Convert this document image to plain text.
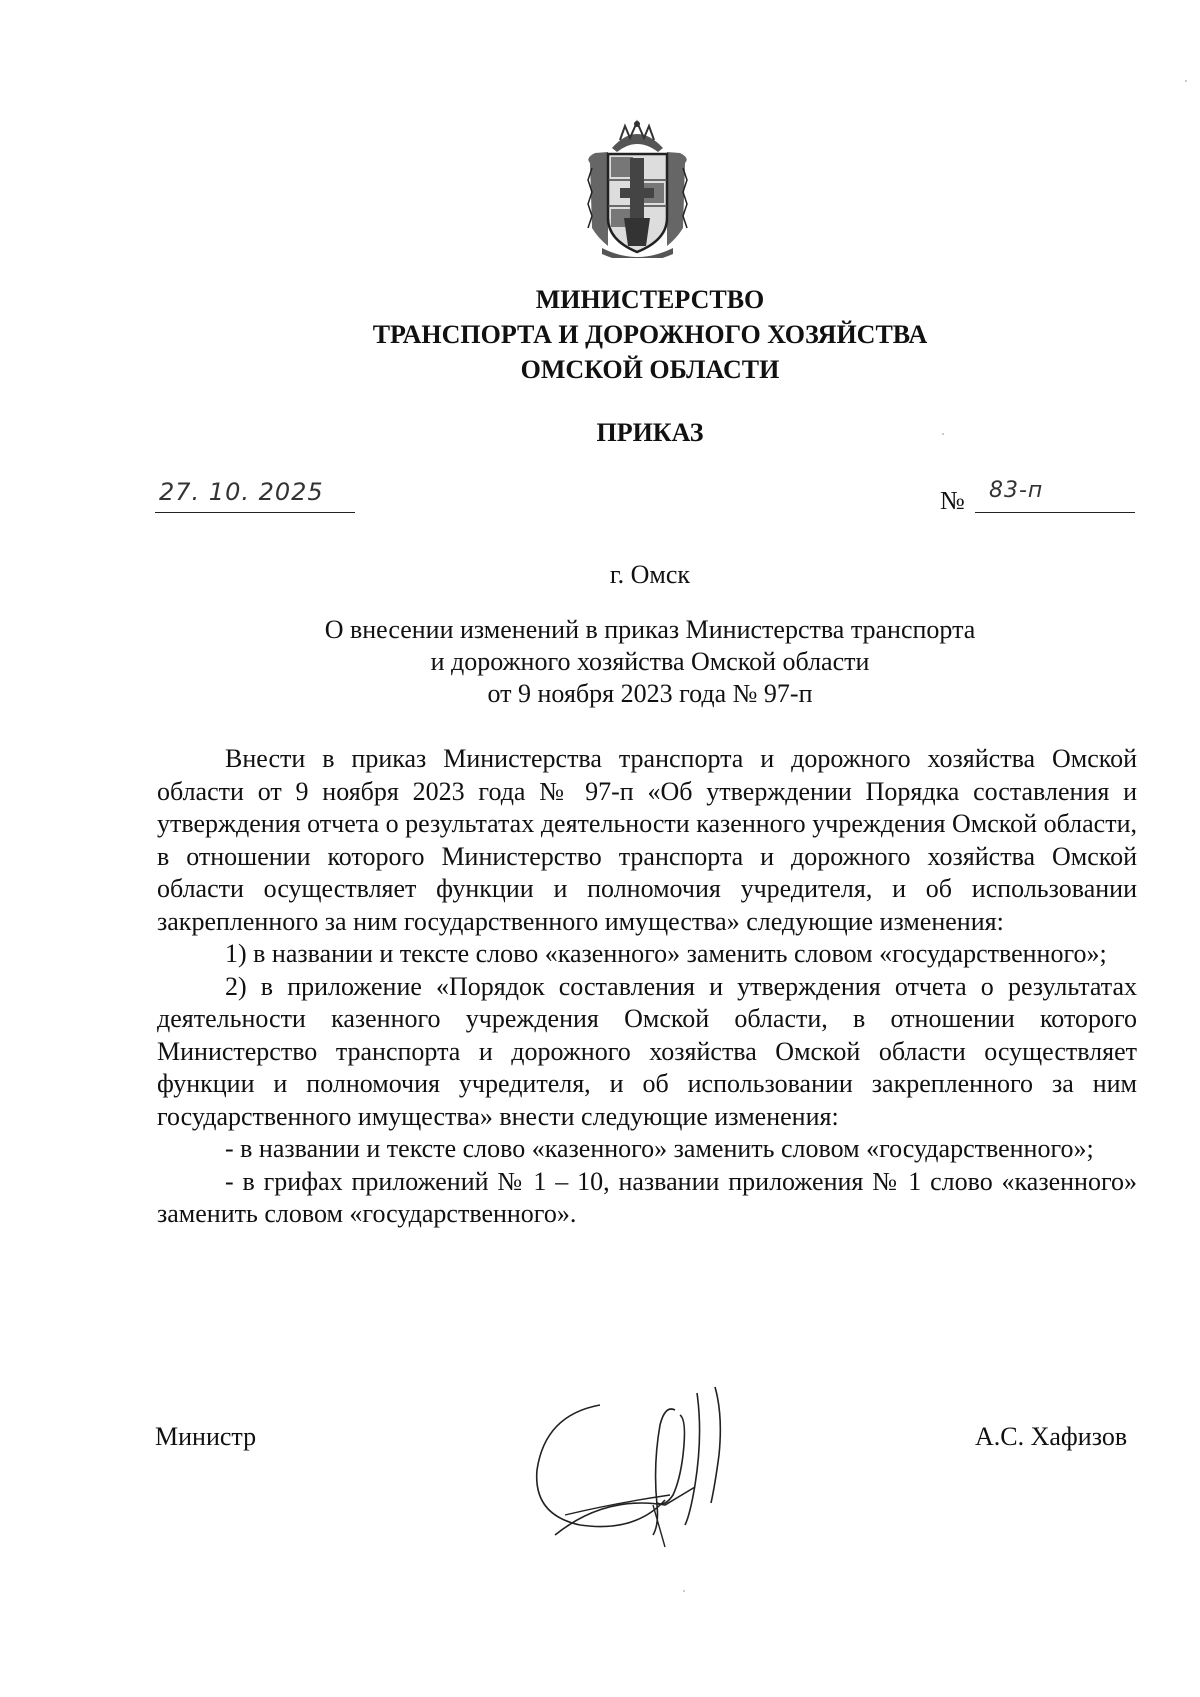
МИНИСТЕРСТВО
ТРАНСПОРТА И ДОРОЖНОГО ХОЗЯЙСТВА
ОМСКОЙ ОБЛАСТИ
ПРИКАЗ
27. 10. 2025	№ 83-п
г. Омск
О внесении изменений в приказ Министерства транспорта
и дорожного хозяйства Омской области
от 9 ноября 2023 года № 97-п

Внести в приказ Министерства транспорта и дорожного хозяйства Омской области от 9 ноября 2023 года № 97-п «Об утверждении Порядка составления и утверждения отчета о результатах деятельности казенного учреждения Омской области, в отношении которого Министерство транспорта и дорожного хозяйства Омской области осуществляет функции и полномочия учредителя, и об использовании закрепленного за ним государственного имущества» следующие изменения:

1) в названии и тексте слово «казенного» заменить словом «государственного»;

2) в приложение «Порядок составления и утверждения отчета о результатах деятельности казенного учреждения Омской области, в отношении которого Министерство транспорта и дорожного хозяйства Омской области осуществляет функции и полномочия учредителя, и об использовании закрепленного за ним государственного имущества» внести следующие изменения:

- в названии и тексте слово «казенного» заменить словом «государственного»;

- в грифах приложений № 1 – 10, названии приложения № 1 слово «казенного» заменить словом «государственного».

Министр	А.С. Хафизов
